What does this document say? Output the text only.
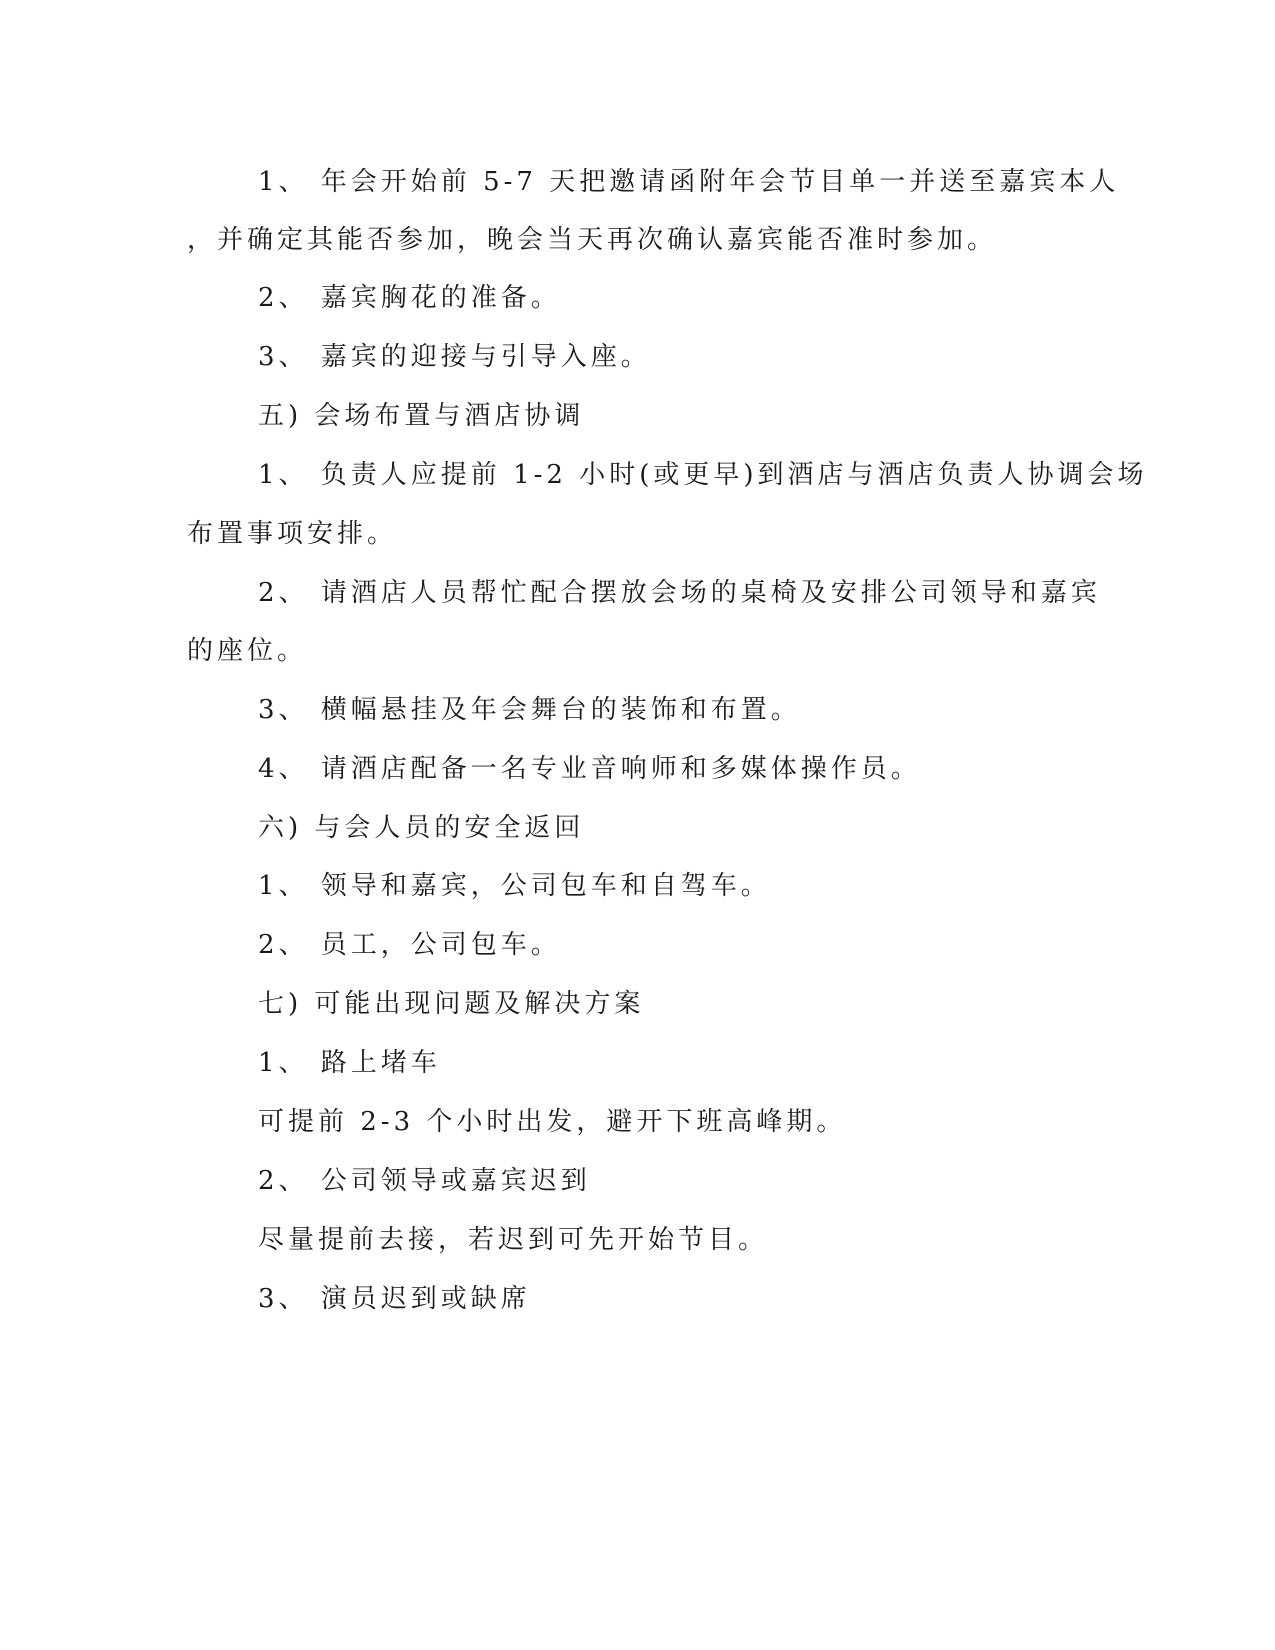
1、 年会开始前 5-7 天把邀请函附年会节目单一并送至嘉宾本人
，并确定其能否参加，晚会当天再次确认嘉宾能否准时参加。
2、 嘉宾胸花的准备。
3、 嘉宾的迎接与引导入座。
五) 会场布置与酒店协调
1、 负责人应提前 1-2 小时(或更早)到酒店与酒店负责人协调会场
布置事项安排。
2、 请酒店人员帮忙配合摆放会场的桌椅及安排公司领导和嘉宾
的座位。
3、 横幅悬挂及年会舞台的装饰和布置。
4、 请酒店配备一名专业音响师和多媒体操作员。
六) 与会人员的安全返回
1、 领导和嘉宾，公司包车和自驾车。
2、 员工，公司包车。
七) 可能出现问题及解决方案
1、 路上堵车
可提前 2-3 个小时出发，避开下班高峰期。
2、 公司领导或嘉宾迟到
尽量提前去接，若迟到可先开始节目。
3、 演员迟到或缺席
